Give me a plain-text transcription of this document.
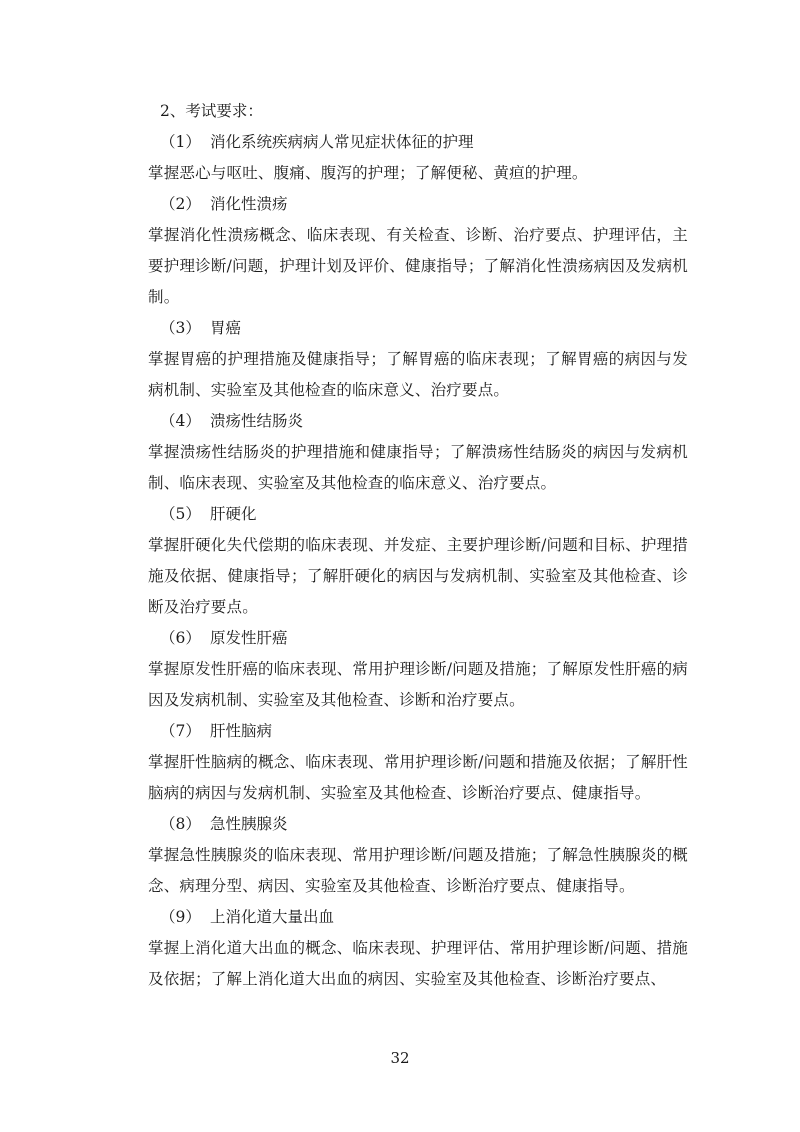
2、考试要求：
（1） 消化系统疾病病人常见症状体征的护理
掌握恶心与呕吐、腹痛、腹泻的护理；了解便秘、黄疸的护理。
（2） 消化性溃疡
掌握消化性溃疡概念、临床表现、有关检查、诊断、治疗要点、护理评估，主要护理诊断/问题，护理计划及评价、健康指导；了解消化性溃疡病因及发病机制。
（3） 胃癌
掌握胃癌的护理措施及健康指导；了解胃癌的临床表现；了解胃癌的病因与发病机制、实验室及其他检查的临床意义、治疗要点。
（4） 溃疡性结肠炎
掌握溃疡性结肠炎的护理措施和健康指导；了解溃疡性结肠炎的病因与发病机制、临床表现、实验室及其他检查的临床意义、治疗要点。
（5） 肝硬化
掌握肝硬化失代偿期的临床表现、并发症、主要护理诊断/问题和目标、护理措施及依据、健康指导；了解肝硬化的病因与发病机制、实验室及其他检查、诊断及治疗要点。
（6） 原发性肝癌
掌握原发性肝癌的临床表现、常用护理诊断/问题及措施；了解原发性肝癌的病因及发病机制、实验室及其他检查、诊断和治疗要点。
（7） 肝性脑病
掌握肝性脑病的概念、临床表现、常用护理诊断/问题和措施及依据；了解肝性脑病的病因与发病机制、实验室及其他检查、诊断治疗要点、健康指导。
（8） 急性胰腺炎
掌握急性胰腺炎的临床表现、常用护理诊断/问题及措施；了解急性胰腺炎的概念、病理分型、病因、实验室及其他检查、诊断治疗要点、健康指导。
（9） 上消化道大量出血
掌握上消化道大出血的概念、临床表现、护理评估、常用护理诊断/问题、措施及依据；了解上消化道大出血的病因、实验室及其他检查、诊断治疗要点、
32
